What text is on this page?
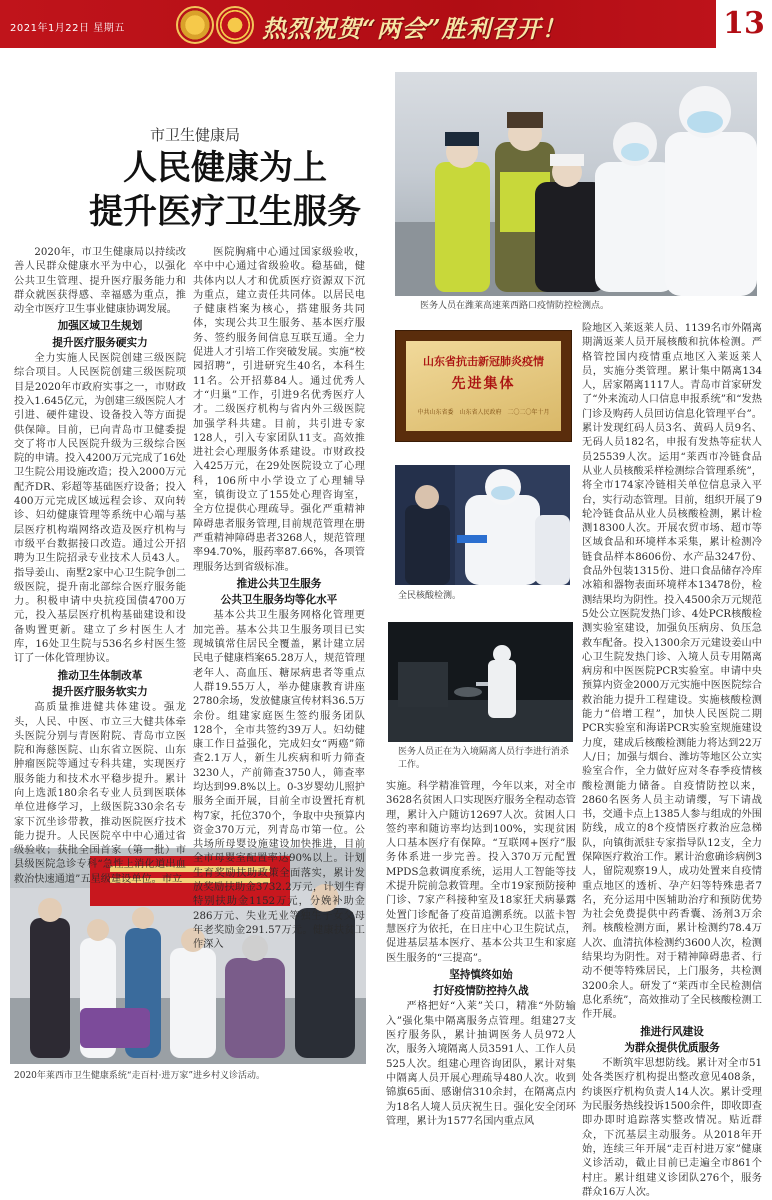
2021年1月22日 星期五	热烈祝贺“两会”胜利召开！	13
市卫生健康局
人民健康为上
提升医疗卫生服务
医务人员在潍莱高速莱西路口疫情防控检测点。
山东省抗击新冠肺炎疫情
先进集体
中共山东省委　山东省人民政府　二〇二〇年十月
全民核酸检测。
医务人员正在为入境隔离人员行李进行消杀工作。
2020年莱西市卫生健康系统“走百村·进万家”进乡村义诊活动。

2020年，市卫生健康局以持续改善人民群众健康水平为中心，以强化公共卫生管理、提升医疗服务能力和群众就医获得感、幸福感为重点，推动全市医疗卫生事业健康协调发展。

加强区域卫生规划
提升医疗服务硬实力

全力实施人民医院创建三级医院综合项目。人民医院创建三级医院项目是2020年市政府实事之一，市财政投入1.645亿元，为创建三级医院人才引进、硬件建设、设备投入等方面提供保障。目前，已向青岛市卫健委提交了将市人民医院升级为三级综合医院的申请。投入4200万元完成了16处卫生院公用设施改造；投入2000万元配齐DR、彩超等基础医疗设备；投入400万元完成区域远程会诊、双向转诊、妇幼健康管理等系统中心端与基层医疗机构端网络改造及医疗机构与市级平台数据接口改造。通过公开招聘为卫生院招录专业技术人员43人。指导姜山、南墅2家中心卫生院争创二级医院，提升南北部综合医疗服务能力。积极申请中央抗疫国债4700万元，投入基层医疗机构基础建设和设备购置更新。建立了乡村医生人才库，16处卫生院与536名乡村医生签订了一体化管理协议。

推动卫生体制改革
提升医疗服务软实力

高质量推进健共体建设。强龙头，人民、中医、市立三大健共体牵头医院分别与青医附院、青岛市立医院和海慈医院、山东省立医院、山东肿瘤医院等通过专科共建，实现医疗服务能力和技术水平稳步提升。累计向上选派180余名专业人员到医联体单位进修学习，上级医院330余名专家下沉坐诊带教，推动医院医疗技术能力提升。人民医院卒中中心通过省级验收；获批全国首家（第一批）市县级医院急诊专科“急性上消化道出血救治快速通道”五星级建设单位。市立

医院胸痛中心通过国家级验收，卒中中心通过省级验收。稳基础，健共体内以人才和优质医疗资源双下沉为重点，建立责任共同体。以居民电子健康档案为核心，搭建服务共同体，实现公共卫生服务、基本医疗服务、签约服务间信息互联互通。全力促进人才引培工作突破发展。实施“校园招聘”，引进研究生40名，本科生11名。公开招募84人。通过优秀人才“归巢”工作，引进9名优秀医疗人才。二级医疗机构与省内外三级医院加强学科共建。目前，共引进专家128人，引入专家团队11支。高效推进社会心理服务体系建设。市财政投入425万元，在29处医院设立了心理科，106所中小学设立了心理辅导室，镇街设立了155处心理咨询室，全方位提供心理疏导。强化严重精神障碍患者服务管理,目前规范管理在册严重精神障碍患者3268人，规范管理率94.70%，服药率87.66%，各项管理服务达到省级标准。

推进公共卫生服务
公共卫生服务均等化水平

基本公共卫生服务网格化管理更加完善。基本公共卫生服务项目已实现城镇常住居民全覆盖，累计建立居民电子健康档案65.28万人，规范管理老年人、高血压、糖尿病患者等重点人群19.55万人，举办健康教育讲座2780余场，发放健康宣传材料36.5万余份。组建家庭医生签约服务团队128个，全市共签约39万人。妇幼健康工作日益强化，完成妇女“两癌”筛查2.1万人，新生儿疾病和听力筛查3230人，产前筛查3750人，筛查率均达到99.8%以上。0-3岁婴幼儿照护服务全面开展，目前全市设置托育机构7家，托位370个，争取中央预算内资金370万元，列青岛市第一位。公共场所母婴设施建设加快推进，目前全市母婴室配置率达90%以上。计划生育奖励扶助政策全面落实，累计发放奖励扶助金3732.2万元，计划生育特别扶助金1152万元，分娩补助金286万元、失业无业等独生子女父母年老奖励金291.57万元。健康扶贫工作深入

实施。科学精准管理，今年以来，对全市3628名贫困人口实现医疗服务全程动态管理，累计入户随访12697人次。贫困人口签约率和随访率均达到100%，实现贫困人口基本医疗有保障。“互联网+医疗”服务体系进一步完善。投入370万元配置MPDS急救调度系统，运用人工智能等技术提升院前急救管理。全市19家预防接种门诊、7家产科接种室及18家狂犬病暴露处置门诊配备了疫苗追溯系统。以蓝卡智慧医疗为依托，在日庄中心卫生院试点，促进基层基本医疗、基本公共卫生和家庭医生服务的“三提高”。

坚持慎终如始
打好疫情防控持久战

严格把好“入莱”关口，精准“外防输入”强化集中隔离服务点管理。组建27支医疗服务队，累计抽调医务人员972人次，服务入境隔离人员3591人、工作人员525人次。组建心理咨询团队，累计对集中隔离人员开展心理疏导480人次。收到锦旗65面、感谢信310余封，在隔离点内为18名人境人员庆祝生日。强化安全闭环管理，累计为1577名国内重点风

险地区入莱返莱人员、1139名市外隔离期满返莱人员开展核酸和抗体检测。严格管控国内疫情重点地区入莱返莱人员，实施分类管理。累计集中隔离134人，居家隔离1117人。青岛市首家研发了“外来流动人口信息申报系统”和“发热门诊及购药人员回访信息化管理平台”。累计发现红码人员3名、黄码人员9名、无码人员182名，申报有发热等症状人员25539人次。运用“莱西市冷链食品从业人员核酸采样检测综合管理系统”，将全市174家冷链相关单位信息录入平台，实行动态管理。目前，组织开展了9轮冷链食品从业人员核酸检测，累计检测18300人次。开展农贸市场、超市等区域食品和环境样本采集，累计检测冷链食品样本8606份、水产品3247份、食品外包装1315份、进口食品储存冷库冰箱和器物表面环境样本13478份，检测结果均为阴性。投入4500余万元规范5处公立医院发热门诊、4处PCR核酸检测实验室建设，加强负压病房、负压急救车配备。投入1300余万元建设姜山中心卫生院发热门诊、入境人员专用隔离病房和中医医院PCR实验室。申请中央预算内资金2000万元实施中医医院综合救治能力提升工程建设。实施核酸检测能力“倍增工程”，加快人民医院二期PCR实验室和海诺PCR实验室规施建设力度，建成后核酸检测能力将达到22万人/日；加强与烟台、潍坊等地区公立实验室合作，全力做好应对冬春季疫情核酸检测能力储备。自疫情防控以来，2860名医务人员主动请缨，写下请战书，交通卡点上1385人参与组成的外围防线，成立的8个疫情医疗救治应急梯队，向镇街派驻专家指导队12支，全力保障医疗救治工作。累计治愈确诊病例3人，留院观察19人，成功处置来自疫情重点地区的透析、孕产妇等特殊患者7名，充分运用中医辅助治疗和预防优势为社会免费提供中药香囊、汤剂3万余剂。核酸检测方面，累计检测约78.4万人次、血清抗体检测约3600人次，检测结果均为阴性。对于精神障碍患者、行动不便等特殊居民，上门服务，共检测3200余人。研发了“莱西市全民检测信息化系统”，高效推动了全民核酸检测工作开展。

推进行风建设
为群众提供优质服务

不断筑牢思想防线。累计对全市51处各类医疗机构提出整改意见408条，约谈医疗机构负责人14人次。累计受理为民服务热线投诉1500余件，即收即查即办即时追踪落实整改情况。贴近群众，下沉基层主动服务。从2018年开始，连续三年开展“走百村进万家”健康义诊活动，截止目前已走遍全市861个村庄。累计组建义诊团队276个，服务群众16万人次。
